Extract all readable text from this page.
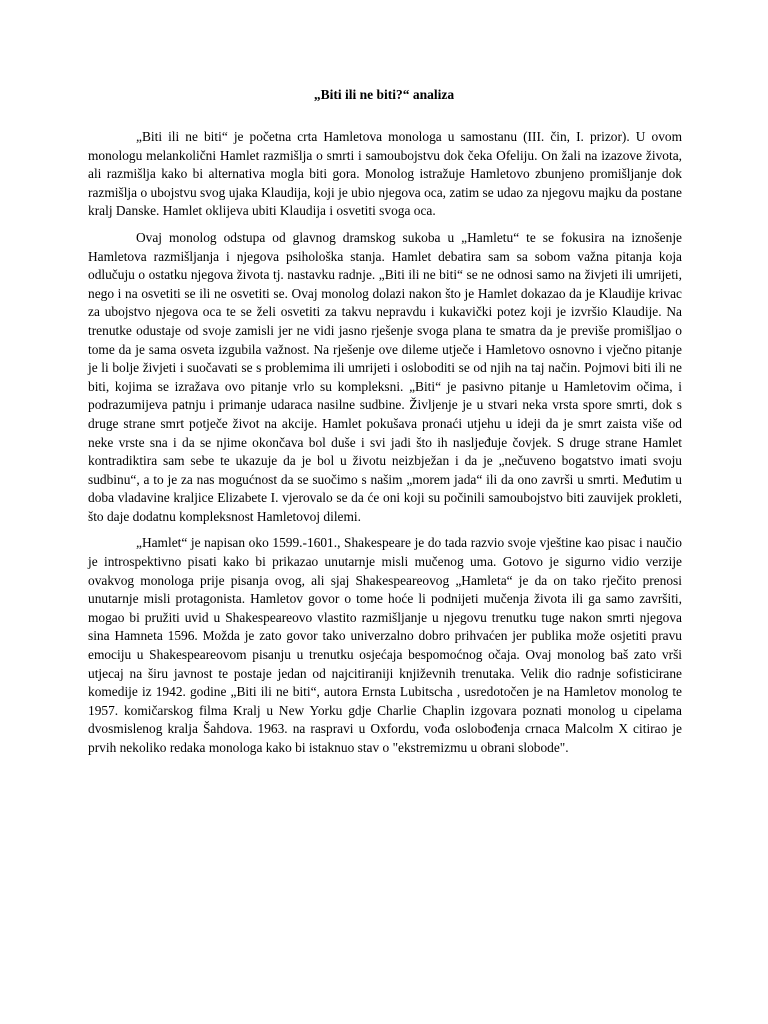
„Biti ili ne biti?“ analiza

„Biti ili ne biti“ je početna crta Hamletova monologa u samostanu (III. čin, I. prizor). U ovom monologu melankolični Hamlet razmišlja o smrti i samoubojstvu dok čeka Ofeliju. On žali na izazove života, ali razmišlja kako bi alternativa mogla biti gora. Monolog istražuje Hamletovo zbunjeno promišljanje dok razmišlja o ubojstvu svog ujaka Klaudija, koji je ubio njegova oca, zatim se udao za njegovu majku da postane kralj Danske. Hamlet oklijeva ubiti Klaudija i osvetiti svoga oca.

Ovaj monolog odstupa od glavnog dramskog sukoba u „Hamletu“ te se fokusira na iznošenje Hamletova razmišljanja i njegova psihološka stanja. Hamlet debatira sam sa sobom važna pitanja koja odlučuju o ostatku njegova života tj. nastavku radnje. „Biti ili ne biti“ se ne odnosi samo na živjeti ili umrijeti, nego i na osvetiti se ili ne osvetiti se. Ovaj monolog dolazi nakon što je Hamlet dokazao da je Klaudije krivac za ubojstvo njegova oca te se želi osvetiti za takvu nepravdu i kukavički potez koji je izvršio Klaudije. Na trenutke odustaje od svoje zamisli jer ne vidi jasno rješenje svoga plana te smatra da je previše promišljao o tome da je sama osveta izgubila važnost. Na rješenje ove dileme utječe i Hamletovo osnovno i vječno pitanje je li bolje živjeti i suočavati se s problemima ili umrijeti i osloboditi se od njih na taj način. Pojmovi biti ili ne biti, kojima se izražava ovo pitanje vrlo su kompleksni. „Biti“ je pasivno pitanje u Hamletovim očima, i podrazumijeva patnju i primanje udaraca nasilne sudbine. Življenje je u stvari neka vrsta spore smrti, dok s druge strane smrt potječe život na akcije. Hamlet pokušava pronaći utjehu u ideji da je smrt zaista više od neke vrste sna i da se njime okončava bol duše i svi jadi što ih nasljeđuje čovjek. S druge strane Hamlet kontradiktira sam sebe te ukazuje da je bol u životu neizbježan i da je „nečuveno bogatstvo imati svoju sudbinu“, a to je za nas mogućnost da se suočimo s našim „morem jada“ ili da ono završi u smrti. Međutim u doba vladavine kraljice Elizabete I. vjerovalo se da će oni koji su počinili samoubojstvo biti zauvijek prokleti, što daje dodatnu kompleksnost Hamletovoj dilemi.

„Hamlet“ je napisan oko 1599.-1601., Shakespeare je do tada razvio svoje vještine kao pisac i naučio je introspektivno pisati kako bi prikazao unutarnje misli mučenog uma. Gotovo je sigurno vidio verzije ovakvog monologa prije pisanja ovog, ali sjaj Shakespeareovog „Hamleta“ je da on tako rječito prenosi unutarnje misli protagonista. Hamletov govor o tome hoće li podnijeti mučenja života ili ga samo završiti, mogao bi pružiti uvid u Shakespeareovo vlastito razmišljanje u njegovu trenutku tuge nakon smrti njegova sina Hamneta 1596. Možda je zato govor tako univerzalno dobro prihvaćen jer publika može osjetiti pravu emociju u Shakespeareovom pisanju u trenutku osjećaja bespomoćnog očaja. Ovaj monolog baš zato vrši utjecaj na širu javnost te postaje jedan od najcitiraniji književnih trenutaka. Velik dio radnje sofisticirane komedije iz 1942. godine „Biti ili ne biti“, autora Ernsta Lubitscha , usredotočen je na Hamletov monolog te 1957. komičarskog filma Kralj u New Yorku gdje Charlie Chaplin izgovara poznati monolog u cipelama dvosmislenog kralja Šahdova. 1963. na raspravi u Oxfordu, vođa oslobođenja crnaca Malcolm X citirao je prvih nekoliko redaka monologa kako bi istaknuo stav o "ekstremizmu u obrani slobode".
